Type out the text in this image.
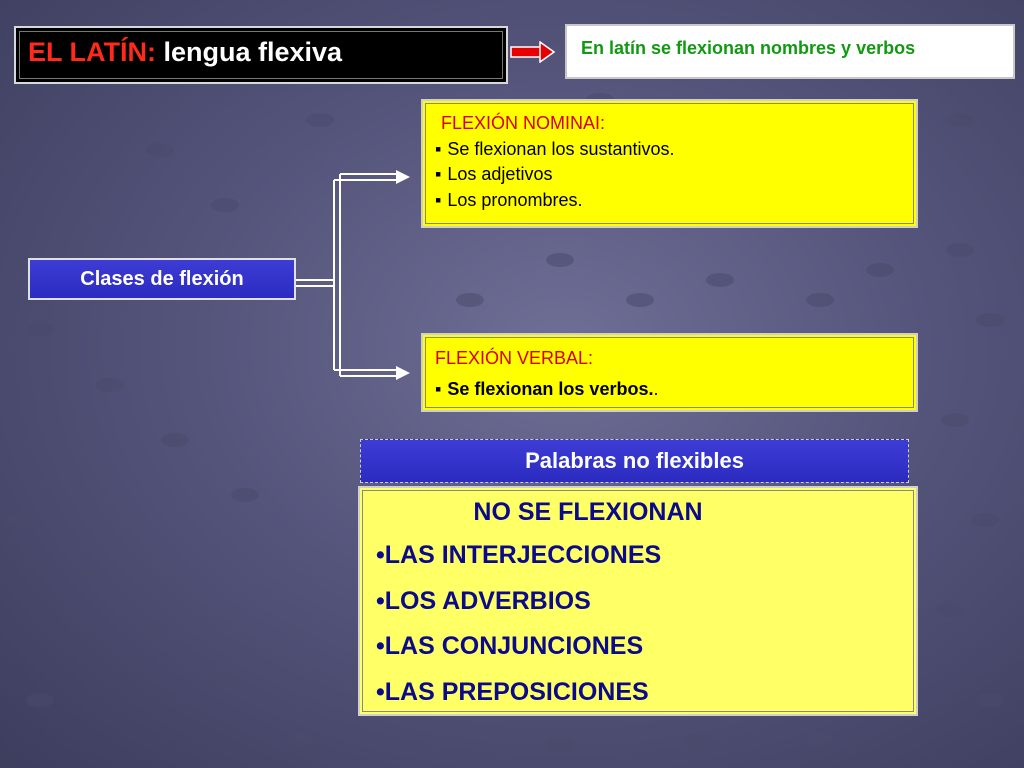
EL LATÍN: lengua flexiva	En latín se flexionan nombres y verbos
Clases de flexión
FLEXIÓN NOMINAI:
▪ Se flexionan los sustantivos.
▪ Los adjetivos
▪ Los pronombres.
FLEXIÓN VERBAL:
▪ Se flexionan los verbos..
Palabras no flexibles
NO SE FLEXIONAN
•LAS INTERJECCIONES
•LOS ADVERBIOS
•LAS CONJUNCIONES
•LAS PREPOSICIONES
